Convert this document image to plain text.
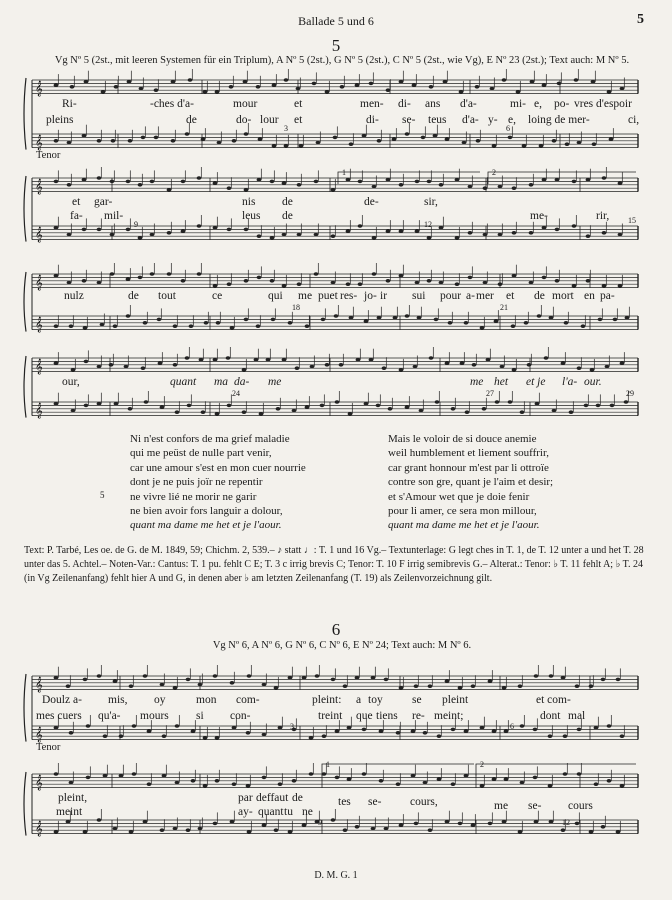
Ballade 5 und 6	5
5
Vg Nº 5 (2st., mit leeren Systemen für ein Triplum), A Nº 5 (2st.), G Nº 5 (2st.), C Nº 5 (2st., wie Vg), E Nº 23 (2st.); Text auch: M Nº 5.
𝄞
𝄞
𝄞
𝄞
𝄞
𝄞
𝄞
𝄞
𝄞
𝄞
𝄞
𝄞
Tenor
Ri-	-ches d'a-	mour	et	men- di- ans d'a-	mi- e, po- vres d'espoir
pleins	de	do- lour et	di- se- teus d'a- y- e, loing de mer-	ci,
3	6
et gar-	nis de	de-	sir,
me-	rir,
fa- mil-	leus de
9	12	15
1	2
nulz	de tout	ce	qui me puet res- jo- ir sui pour a- mer et de mort en pa-
18	21
our,	quant ma da- me	me het et je l'a- our.
24	27	29
Ni n'est confors de ma grief maladie
qui me peüst de nulle part venir,
car une amour s'est en mon cuer nourrie
dont je ne puis joïr ne repentir
ne vivre lié ne morir ne garir
ne bien avoir fors languir a dolour,
quant ma dame me het et je l'aour.
5
Mais le voloir de si douce anemie
weil humblement et liement souffrir,
car grant honnour m'est par li ottroïe
contre son gre, quant je l'aim et desir;
et s'Amour wet que je doie fenir
pour li amer, ce sera mon millour,
quant ma dame me het et je l'aour.
Text: P. Tarbé, Les oe. de G. de M. 1849, 59; Chichm. 2, 539.– ♪ statt ♩: T. 1 und 16 Vg.– Textunterlage: G legt ches in T. 1, de T. 12 unter a und het T. 28 unter das 5. Achtel.– Noten-Var.: Cantus: T. 1 pu. fehlt C E; T. 3 c irrig brevis C; Tenor: T. 10 F irrig semibrevis G.– Alterat.: Tenor: ♭ T. 11 fehlt A; ♭ T. 24 (in Vg Zeilenanfang) fehlt hier A und G, in denen aber ♭ am letzten Zeilenanfang (T. 19) als Zeilenvorzeichnung gilt.
6
Vg Nº 6, A Nº 6, G Nº 6, C Nº 6, E Nº 24; Text auch: M Nº 6.
Tenor
Doulz a- mis, oy	mon com-	pleint: a toy	se pleint	et com-
mes cuers qu'a- mours si con-	treint que tiens re- meint;	dont mal
3	6
pleint,	par deffaut de	tes se- cours,	me se- cours
meint	ay- quant tu ne
9	12
1	2
D. M. G. 1
